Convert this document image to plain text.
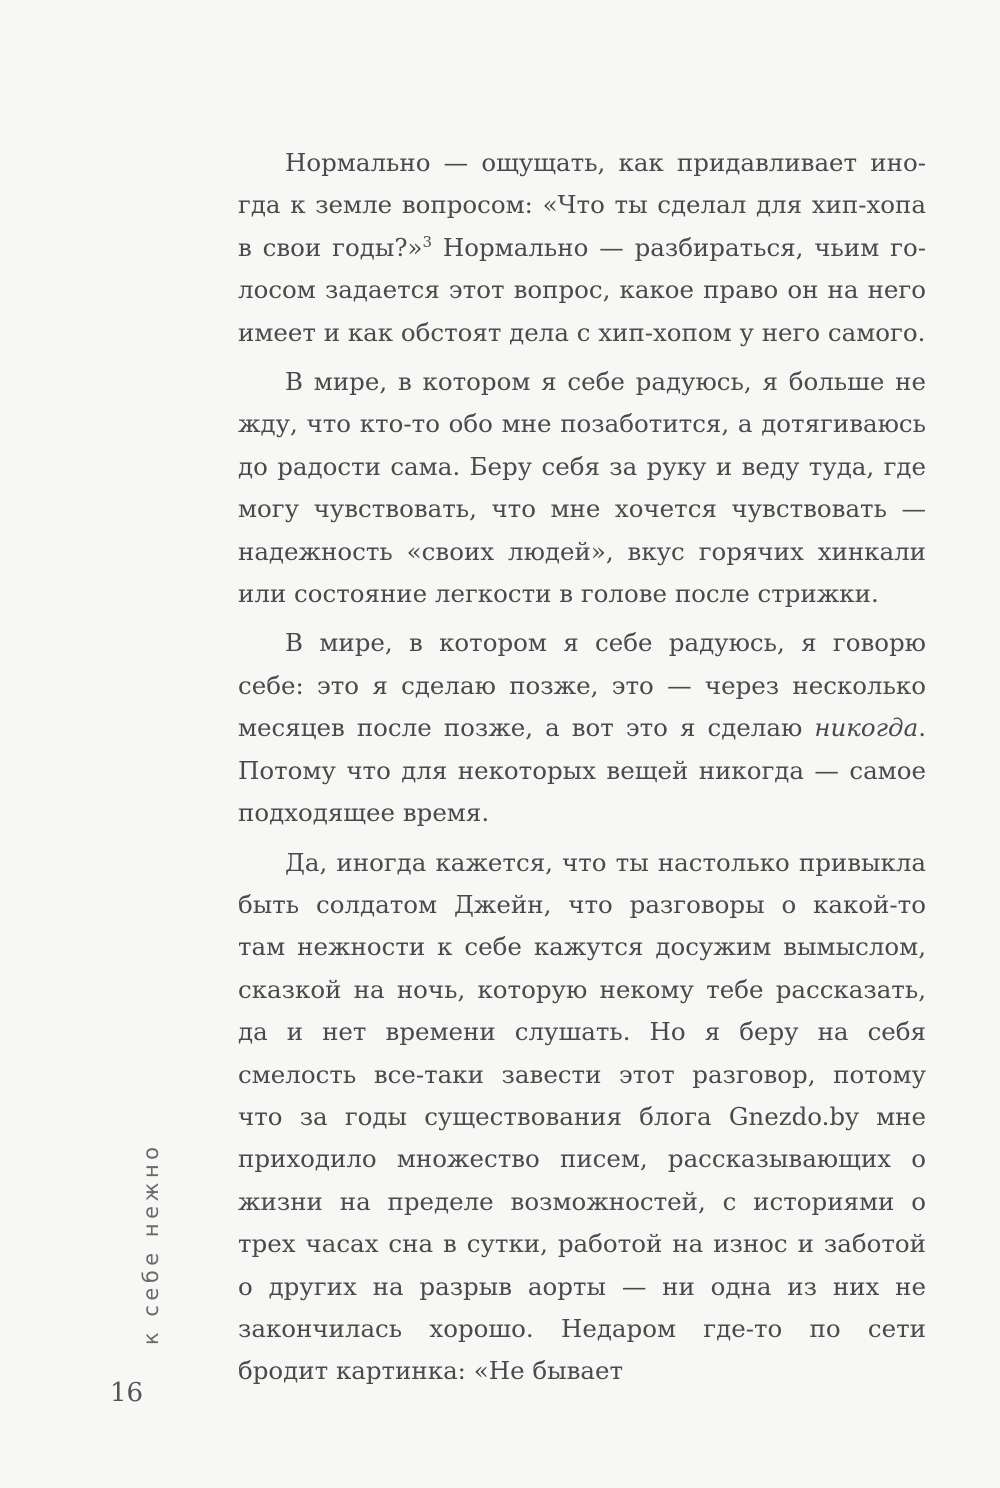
Нормально — ощущать, как придавливает иногда к земле вопросом: «Что ты сделал для хип-хопа в свои годы?»$^3$ Нормально — разбираться, чьим голосом задается этот вопрос, какое право он на него имеет и как обстоят дела с хип-хопом у него самого.

В мире, в котором я себе радуюсь, я больше не жду, что кто-то обо мне позаботится, а дотягиваюсь до радости сама. Беру себя за руку и веду туда, где могу чувствовать, что мне хочется чувствовать — надежность «своих людей», вкус горячих хинкали или состояние легкости в голове после стрижки.

В мире, в котором я себе радуюсь, я говорю себе: это я сделаю позже, это — через несколько месяцев после позже, а вот это я сделаю никогда. Потому что для некоторых вещей никогда — самое подходящее время.

Да, иногда кажется, что ты настолько привыкла быть солдатом Джейн, что разговоры о какой-то там нежности к себе кажутся досужим вымыслом, сказкой на ночь, которую некому тебе рассказать, да и нет времени слушать. Но я беру на себя смелость все-таки завести этот разговор, потому что за годы существования блога Gnezdo.by мне приходило множество писем, рассказывающих о жизни на пределе возможностей, с историями о трех часах сна в сутки, работой на износ и заботой о других на разрыв аорты — ни одна из них не закончилась хорошо. Недаром где-то по сети бродит картинка: «Не бывает

к себе нежно
16
